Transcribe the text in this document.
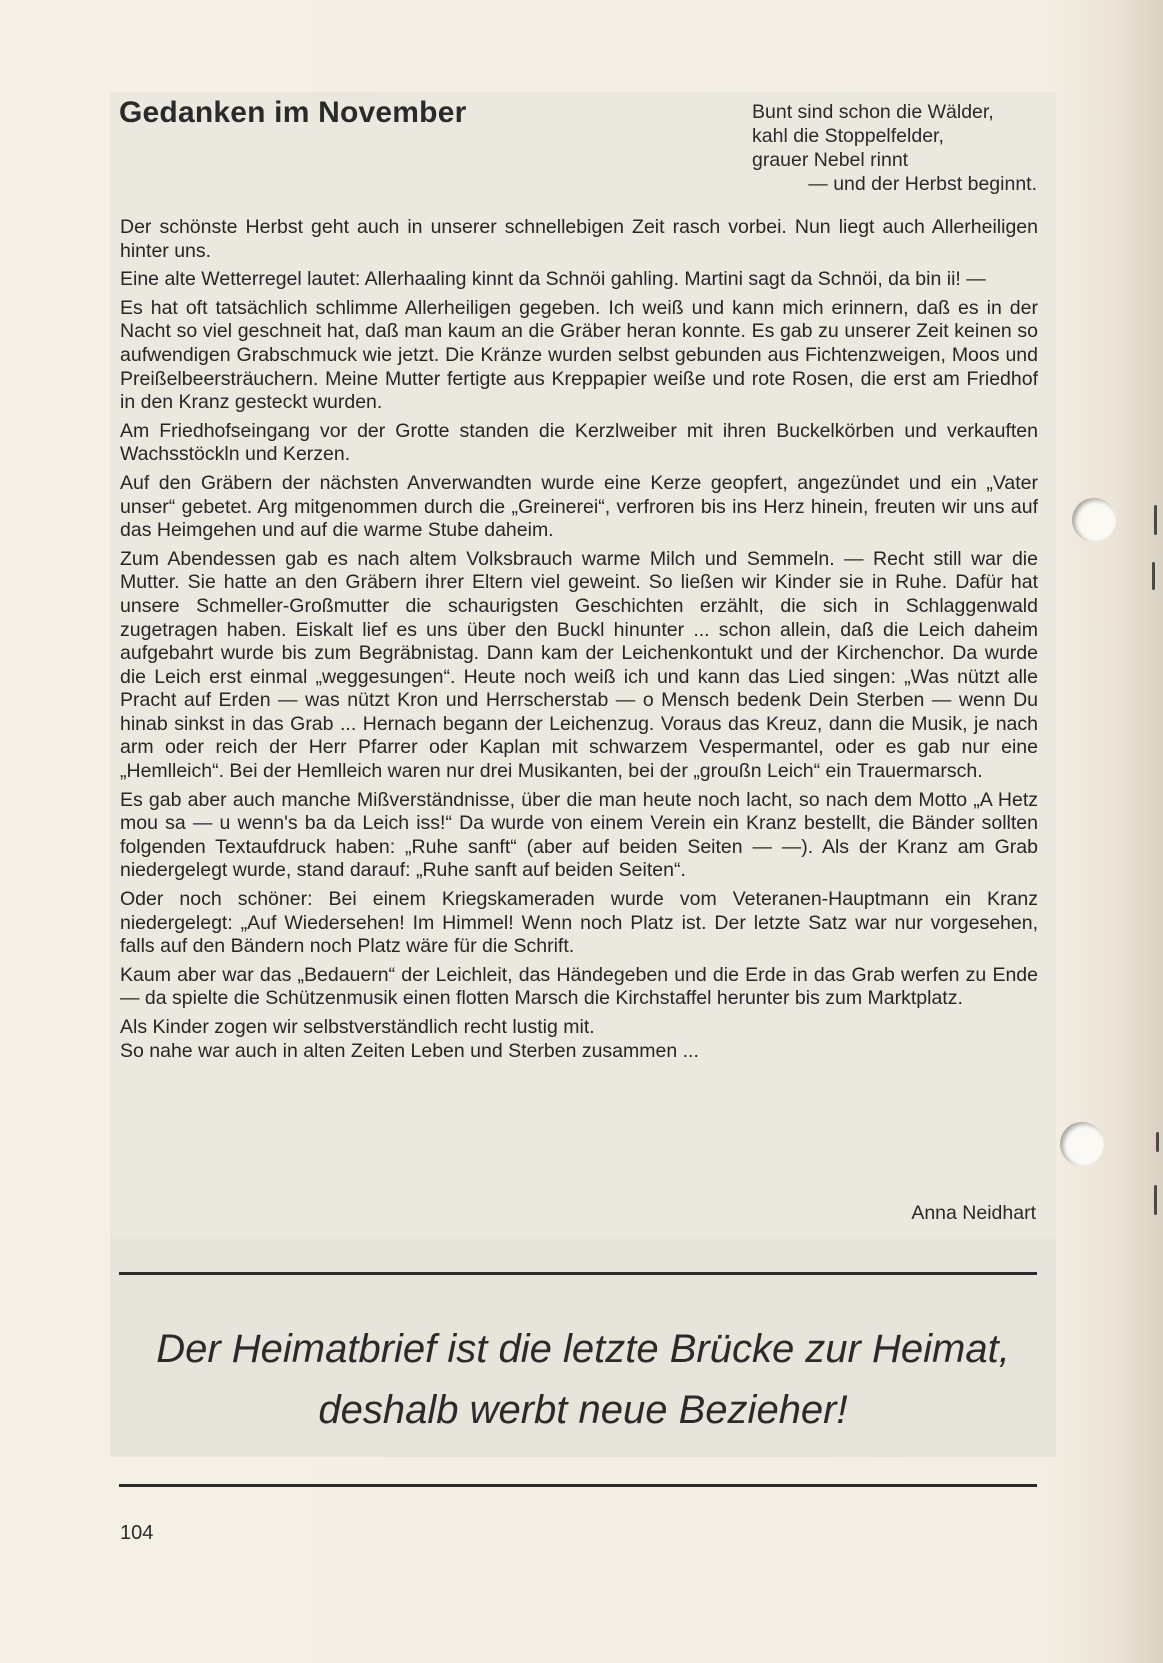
Gedanken im November	Bunt sind schon die Wälder,
kahl die Stoppelfelder,
grauer Nebel rinnt
— und der Herbst beginnt.

Der schönste Herbst geht auch in unserer schnellebigen Zeit rasch vorbei. Nun liegt auch Allerheiligen hinter uns.

Eine alte Wetterregel lautet: Allerhaaling kinnt da Schnöi gahling. Martini sagt da Schnöi, da bin ii! —

Es hat oft tatsächlich schlimme Allerheiligen gegeben. Ich weiß und kann mich erinnern, daß es in der Nacht so viel geschneit hat, daß man kaum an die Gräber heran konnte. Es gab zu unserer Zeit keinen so aufwendigen Grabschmuck wie jetzt. Die Kränze wurden selbst gebunden aus Fichtenzweigen, Moos und Preißelbeersträuchern. Meine Mutter fertigte aus Kreppapier weiße und rote Rosen, die erst am Friedhof in den Kranz gesteckt wurden.

Am Friedhofseingang vor der Grotte standen die Kerzlweiber mit ihren Buckelkörben und verkauften Wachsstöckln und Kerzen.

Auf den Gräbern der nächsten Anverwandten wurde eine Kerze geopfert, angezündet und ein „Vater unser“ gebetet. Arg mitgenommen durch die „Greinerei“, verfroren bis ins Herz hinein, freuten wir uns auf das Heimgehen und auf die warme Stube daheim.

Zum Abendessen gab es nach altem Volksbrauch warme Milch und Semmeln. — Recht still war die Mutter. Sie hatte an den Gräbern ihrer Eltern viel geweint. So ließen wir Kinder sie in Ruhe. Dafür hat unsere Schmeller-Großmutter die schaurigsten Geschichten erzählt, die sich in Schlaggenwald zugetragen haben. Eiskalt lief es uns über den Buckl hinunter ... schon allein, daß die Leich daheim aufgebahrt wurde bis zum Begräbnistag. Dann kam der Leichenkontukt und der Kirchenchor. Da wurde die Leich erst einmal „weggesungen“. Heute noch weiß ich und kann das Lied singen: „Was nützt alle Pracht auf Erden — was nützt Kron und Herrscherstab — o Mensch bedenk Dein Sterben — wenn Du hinab sinkst in das Grab ... Hernach begann der Leichenzug. Voraus das Kreuz, dann die Musik, je nach arm oder reich der Herr Pfarrer oder Kaplan mit schwarzem Vespermantel, oder es gab nur eine „Hemlleich“. Bei der Hemlleich waren nur drei Musikanten, bei der „groußn Leich“ ein Trauermarsch.

Es gab aber auch manche Mißverständnisse, über die man heute noch lacht, so nach dem Motto „A Hetz mou sa — u wenn's ba da Leich iss!“ Da wurde von einem Verein ein Kranz bestellt, die Bänder sollten folgenden Textaufdruck haben: „Ruhe sanft“ (aber auf beiden Seiten — —). Als der Kranz am Grab niedergelegt wurde, stand darauf: „Ruhe sanft auf beiden Seiten“.

Oder noch schöner: Bei einem Kriegskameraden wurde vom Veteranen-Hauptmann ein Kranz niedergelegt: „Auf Wiedersehen! Im Himmel! Wenn noch Platz ist. Der letzte Satz war nur vorgesehen, falls auf den Bändern noch Platz wäre für die Schrift.

Kaum aber war das „Bedauern“ der Leichleit, das Händegeben und die Erde in das Grab werfen zu Ende — da spielte die Schützenmusik einen flotten Marsch die Kirchstaffel herunter bis zum Marktplatz.

Als Kinder zogen wir selbstverständlich recht lustig mit.

So nahe war auch in alten Zeiten Leben und Sterben zusammen ...

Anna Neidhart

Der Heimatbrief ist die letzte Brücke zur Heimat,

deshalb werbt neue Bezieher!

104
